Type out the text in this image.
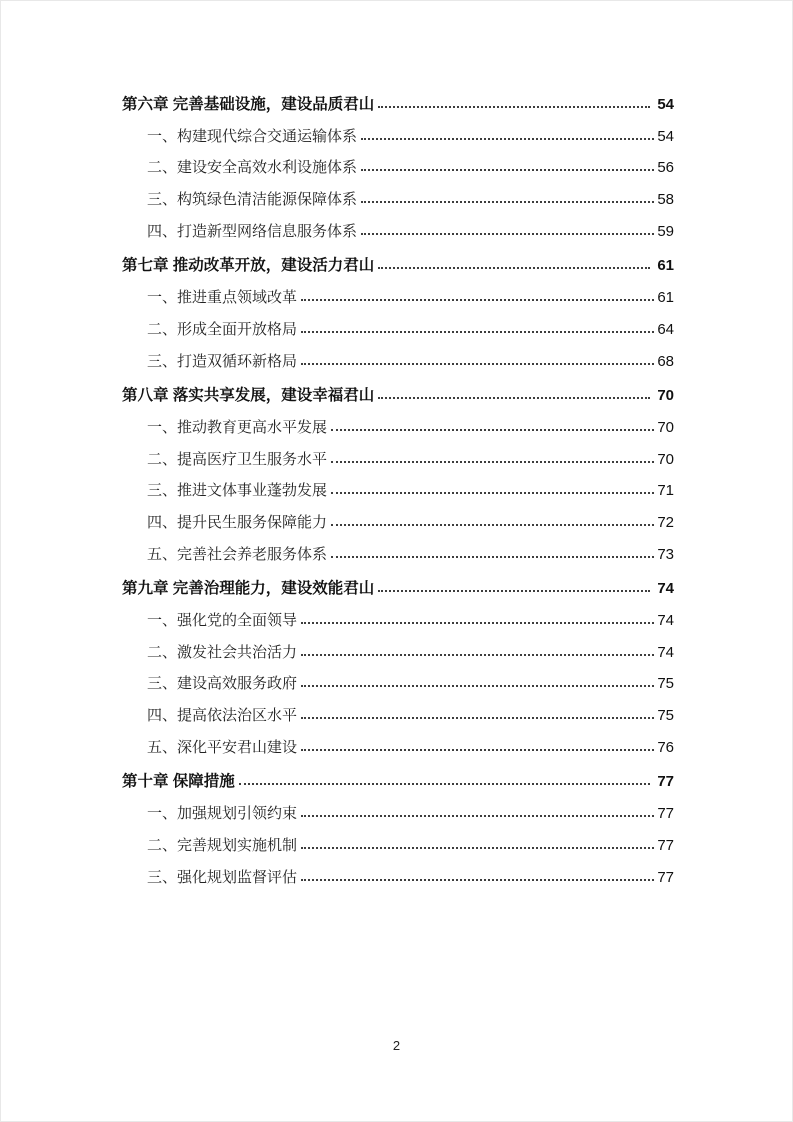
第六章 完善基础设施，建设品质君山	54
一、构建现代综合交通运输体系	54
二、建设安全高效水利设施体系	56
三、构筑绿色清洁能源保障体系	58
四、打造新型网络信息服务体系	59
第七章 推动改革开放，建设活力君山	61
一、推进重点领域改革	61
二、形成全面开放格局	64
三、打造双循环新格局	68
第八章 落实共享发展，建设幸福君山	70
一、推动教育更高水平发展	70
二、提高医疗卫生服务水平	70
三、推进文体事业蓬勃发展	71
四、提升民生服务保障能力	72
五、完善社会养老服务体系	73
第九章 完善治理能力，建设效能君山	74
一、强化党的全面领导	74
二、激发社会共治活力	74
三、建设高效服务政府	75
四、提高依法治区水平	75
五、深化平安君山建设	76
第十章 保障措施	77
一、加强规划引领约束	77
二、完善规划实施机制	77
三、强化规划监督评估	77
2
